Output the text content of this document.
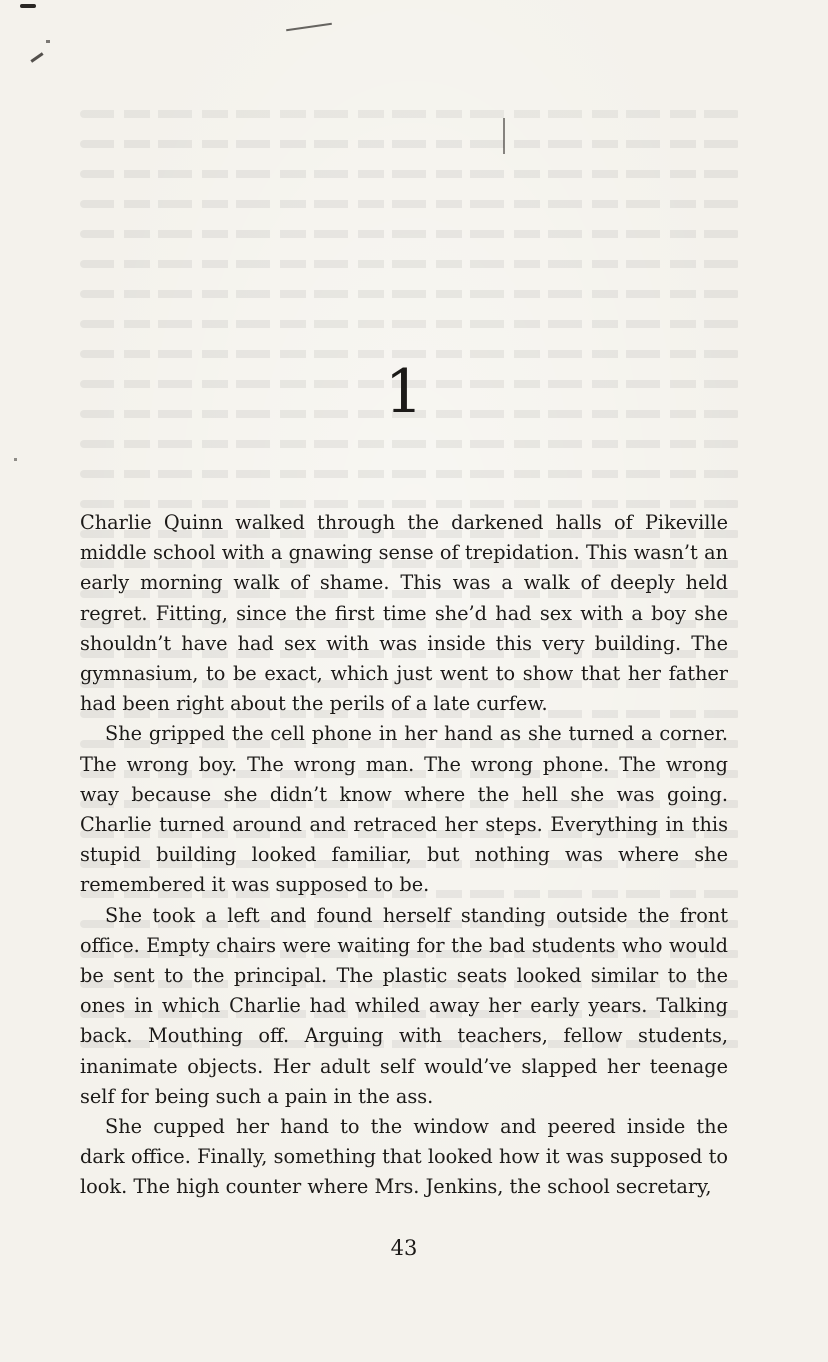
1

Charlie Quinn walked through the darkened halls of Pikeville middle school with a gnawing sense of trepidation. This wasn’t an early morning walk of shame. This was a walk of deeply held regret. Fitting, since the first time she’d had sex with a boy she shouldn’t have had sex with was inside this very building. The gymnasium, to be exact, which just went to show that her father had been right about the perils of a late curfew.

She gripped the cell phone in her hand as she turned a corner. The wrong boy. The wrong man. The wrong phone. The wrong way because she didn’t know where the hell she was going. Charlie turned around and retraced her steps. Everything in this stupid building looked familiar, but nothing was where she remembered it was supposed to be.

She took a left and found herself standing outside the front office. Empty chairs were waiting for the bad students who would be sent to the principal. The plastic seats looked similar to the ones in which Charlie had whiled away her early years. Talking back. Mouthing off. Arguing with teachers, fellow students, inanimate objects. Her adult self would’ve slapped her teenage self for being such a pain in the ass.

She cupped her hand to the window and peered inside the dark office. Finally, something that looked how it was supposed to look. The high counter where Mrs. Jenkins, the school secretary,

43
